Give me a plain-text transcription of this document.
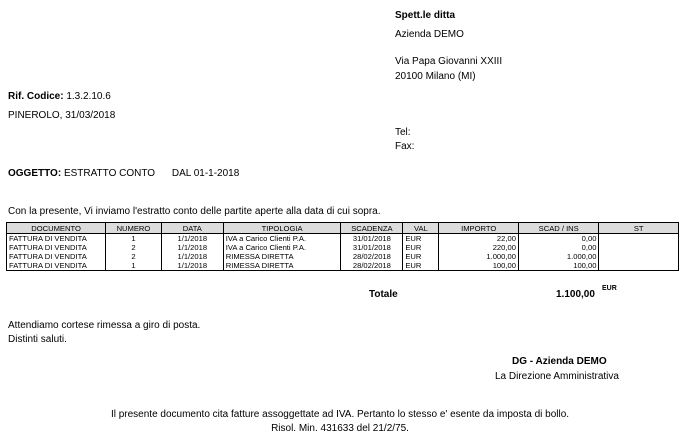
Spett.le ditta
Azienda DEMO
Via Papa Giovanni XXIII
20100 Milano (MI)
Tel:
Fax:
Rif. Codice: 1.3.2.10.6
PINEROLO, 31/03/2018
OGGETTO: ESTRATTO CONTO DAL 01-1-2018
Con la presente, Vi inviamo l'estratto conto delle partite aperte alla data di cui sopra.
DOCUMENTO	NUMERO	DATA	TIPOLOGIA	SCADENZA	VAL	IMPORTO	SCAD / INS	ST
FATTURA DI VENDITA	1	1/1/2018	IVA a Carico Clienti P.A.	31/01/2018	EUR	22,00	0,00	
FATTURA DI VENDITA	2	1/1/2018	IVA a Carico Clienti P.A.	31/01/2018	EUR	220,00	0,00	
FATTURA DI VENDITA	2	1/1/2018	RIMESSA DIRETTA	28/02/2018	EUR	1.000,00	1.000,00	
FATTURA DI VENDITA	1	1/1/2018	RIMESSA DIRETTA	28/02/2018	EUR	100,00	100,00	
Totale	1.100,00
EUR
Attendiamo cortese rimessa a giro di posta.
Distinti saluti.
DG - Azienda DEMO
La Direzione Amministrativa
Il presente documento cita fatture assoggettate ad IVA. Pertanto lo stesso e' esente da imposta di bollo.
Risol. Min. 431633 del 21/2/75.
